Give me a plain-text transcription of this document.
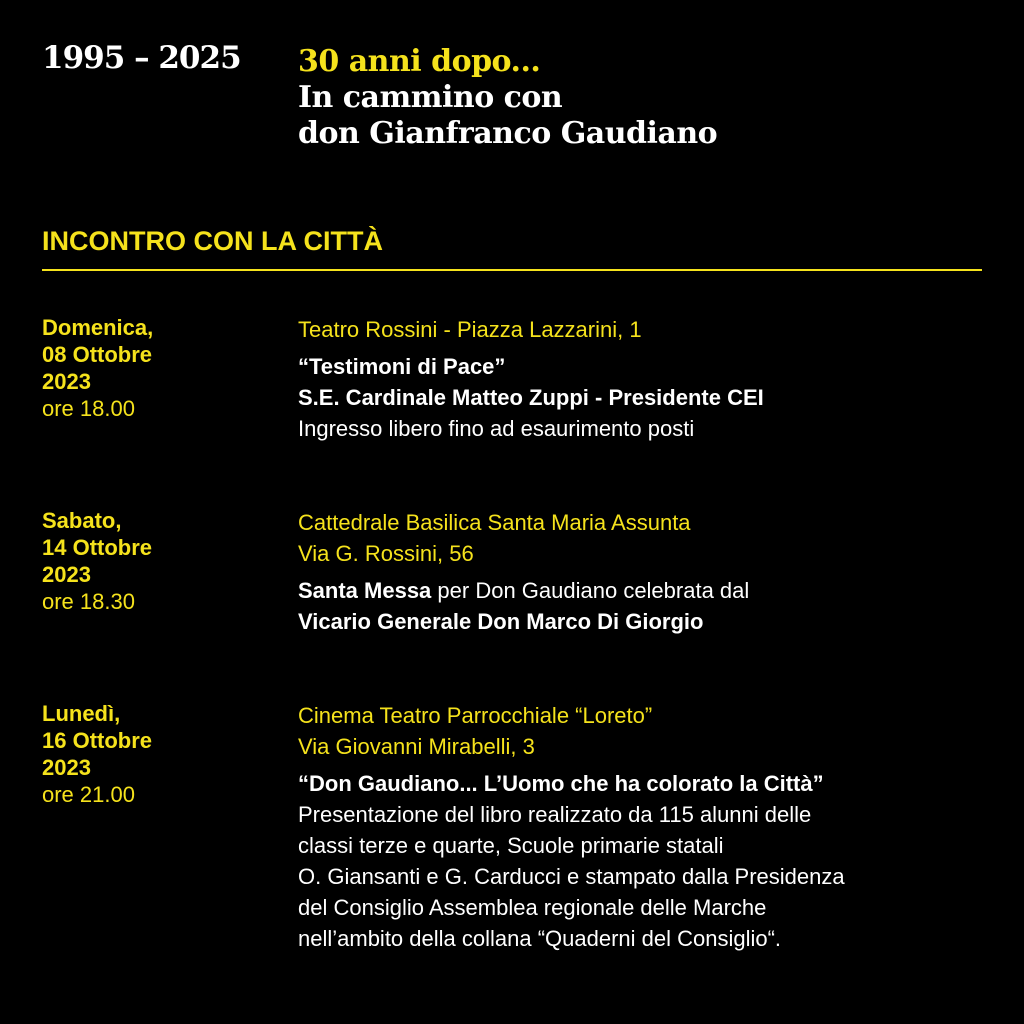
1995 – 2025 30 anni dopo...
In cammino con
don Gianfranco Gaudiano
INCONTRO CON LA CITTÀ
Domenica,
08 Ottobre
2023
ore 18.00
Teatro Rossini - Piazza Lazzarini, 1
“Testimoni di Pace”
S.E. Cardinale Matteo Zuppi - Presidente CEI
Ingresso libero fino ad esaurimento posti
Sabato,
14 Ottobre
2023
ore 18.30
Cattedrale Basilica Santa Maria Assunta
Via G. Rossini, 56
Santa Messa per Don Gaudiano celebrata dal
Vicario Generale Don Marco Di Giorgio
Lunedì,
16 Ottobre
2023
ore 21.00
Cinema Teatro Parrocchiale “Loreto”
Via Giovanni Mirabelli, 3
“Don Gaudiano... L’Uomo che ha colorato la Città”
Presentazione del libro realizzato da 115 alunni delle
classi terze e quarte, Scuole primarie statali
O. Giansanti e G. Carducci e stampato dalla Presidenza
del Consiglio Assemblea regionale delle Marche
nell’ambito della collana “Quaderni del Consiglio“.
